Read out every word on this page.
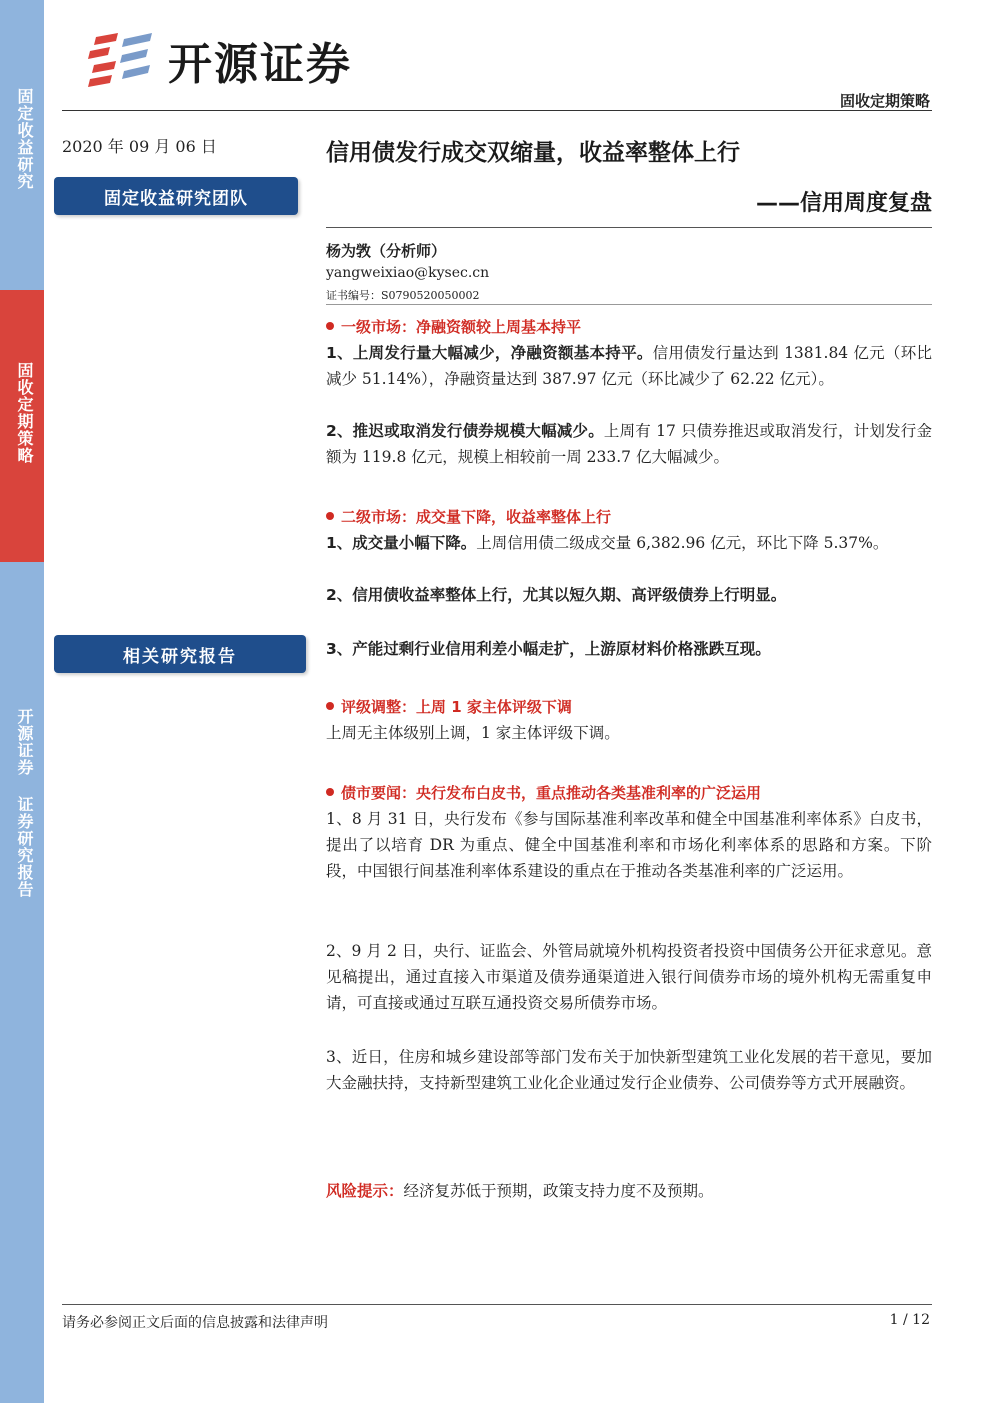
固定收益研究
固收定期策略
开源证券 证券研究报告
开源证券
固收定期策略
2020 年 09 月 06 日
固定收益研究团队
相关研究报告
信用债发行成交双缩量，收益率整体上行
——信用周度复盘
杨为敩（分析师）
yangweixiao@kysec.cn
证书编号：S0790520050002

一级市场：净融资额较上周基本持平

1、上周发行量大幅减少，净融资额基本持平。信用债发行量达到 1381.84 亿元（环比减少 51.14%），净融资量达到 387.97 亿元（环比减少了 62.22 亿元）。

2、推迟或取消发行债券规模大幅减少。上周有 17 只债券推迟或取消发行，计划发行金额为 119.8 亿元，规模上相较前一周 233.7 亿大幅减少。

二级市场：成交量下降，收益率整体上行

1、成交量小幅下降。上周信用债二级成交量 6,382.96 亿元，环比下降 5.37%。

2、信用债收益率整体上行，尤其以短久期、高评级债券上行明显。

3、产能过剩行业信用利差小幅走扩，上游原材料价格涨跌互现。

评级调整：上周 1 家主体评级下调

上周无主体级别上调，1 家主体评级下调。

债市要闻：央行发布白皮书，重点推动各类基准利率的广泛运用

1、8 月 31 日，央行发布《参与国际基准利率改革和健全中国基准利率体系》白皮书，提出了以培育 DR 为重点、健全中国基准利率和市场化利率体系的思路和方案。下阶段，中国银行间基准利率体系建设的重点在于推动各类基准利率的广泛运用。

2、9 月 2 日，央行、证监会、外管局就境外机构投资者投资中国债务公开征求意见。意见稿提出，通过直接入市渠道及债券通渠道进入银行间债券市场的境外机构无需重复申请，可直接或通过互联互通投资交易所债券市场。

3、近日，住房和城乡建设部等部门发布关于加快新型建筑工业化发展的若干意见，要加大金融扶持，支持新型建筑工业化企业通过发行企业债券、公司债券等方式开展融资。

风险提示：经济复苏低于预期，政策支持力度不及预期。

请务必参阅正文后面的信息披露和法律声明	1 / 12
